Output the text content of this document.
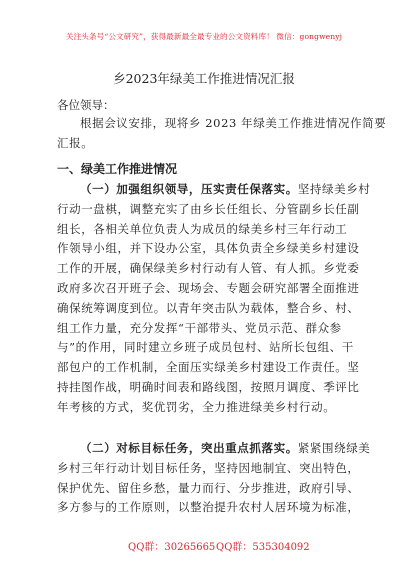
关注头条号“公文研究”，获得最新最全最专业的公文资料库！ 微信：gongwenyj
乡2023年绿美工作推进情况汇报
各位领导：
根据会议安排，现将乡 2023 年绿美工作推进情况作简要
汇报。
一、绿美工作推进情况
（一）加强组织领导，压实责任保落实。坚持绿美乡村
行动一盘棋，调整充实了由乡长任组长、分管副乡长任副
组长，各相关单位负责人为成员的绿美乡村三年行动工
作领导小组，并下设办公室，具体负责全乡绿美乡村建设
工作的开展，确保绿美乡村行动有人管、有人抓。乡党委
政府多次召开班子会、现场会、专题会研究部署全面推进
确保统筹调度到位。以青年突击队为载体，整合乡、村、
组工作力量，充分发挥“干部带头、党员示范、群众参
与”的作用，同时建立乡班子成员包村、站所长包组、干
部包户的工作机制，全面压实绿美乡村建设工作责任。坚
持挂图作战，明确时间表和路线图，按照月调度、季评比
年考核的方式，奖优罚劣，全力推进绿美乡村行动。
（二）对标目标任务，突出重点抓落实。紧紧围绕绿美
乡村三年行动计划目标任务，坚持因地制宜、突出特色，
保护优先、留住乡愁，量力而行、分步推进，政府引导、
多方参与的工作原则，以整治提升农村人居环境为标准，
QQ群：30265665 QQ群：535304092
